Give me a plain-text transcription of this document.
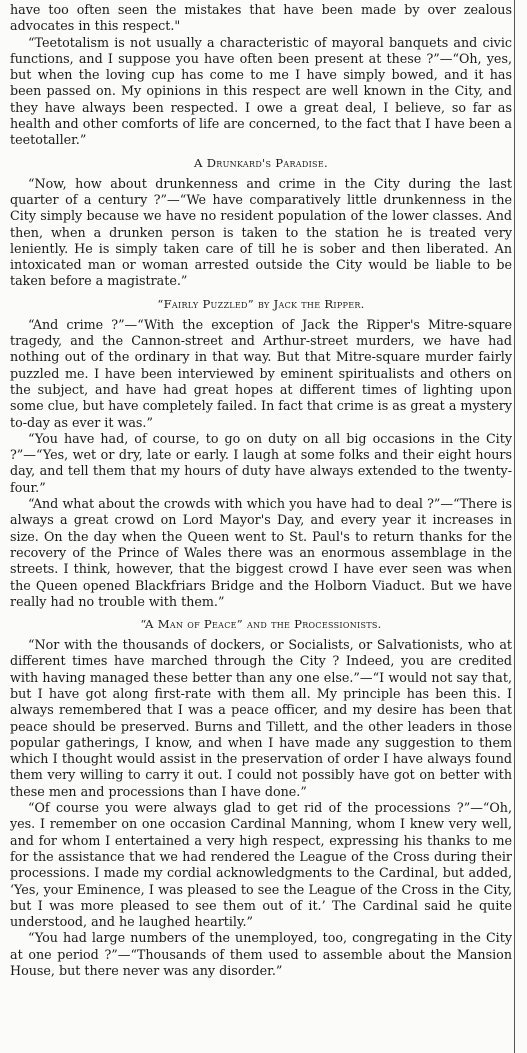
have too often seen the mistakes that have been made by over zealous advocates in this respect."

“Teetotalism is not usually a characteristic of mayoral banquets and civic functions, and I suppose you have often been present at these ?”—“Oh, yes, but when the loving cup has come to me I have simply bowed, and it has been passed on. My opinions in this respect are well known in the City, and they have always been respected. I owe a great deal, I believe, so far as health and other comforts of life are concerned, to the fact that I have been a teetotaller.”

A Drunkard's Paradise.

“Now, how about drunkenness and crime in the City during the last quarter of a century ?”—“We have comparatively little drunkenness in the City simply because we have no resident population of the lower classes. And then, when a drunken person is taken to the station he is treated very leniently. He is simply taken care of till he is sober and then liberated. An intoxicated man or woman arrested outside the City would be liable to be taken before a magistrate.”

“Fairly Puzzled” by Jack the Ripper.

“And crime ?”—“With the exception of Jack the Ripper's Mitre-square tragedy, and the Cannon-street and Arthur-street murders, we have had nothing out of the ordinary in that way. But that Mitre-square murder fairly puzzled me. I have been interviewed by eminent spiritualists and others on the subject, and have had great hopes at different times of lighting upon some clue, but have completely failed. In fact that crime is as great a mystery to-day as ever it was.”

“You have had, of course, to go on duty on all big occasions in the City ?”—“Yes, wet or dry, late or early. I laugh at some folks and their eight hours day, and tell them that my hours of duty have always extended to the twenty-four.”

“And what about the crowds with which you have had to deal ?”—“There is always a great crowd on Lord Mayor's Day, and every year it increases in size. On the day when the Queen went to St. Paul's to return thanks for the recovery of the Prince of Wales there was an enormous assemblage in the streets. I think, however, that the biggest crowd I have ever seen was when the Queen opened Blackfriars Bridge and the Holborn Viaduct. But we have really had no trouble with them.”

“A Man of Peace” and the Processionists.

“Nor with the thousands of dockers, or Socialists, or Salvationists, who at different times have marched through the City ? Indeed, you are credited with having managed these better than any one else.”—“I would not say that, but I have got along first-rate with them all. My principle has been this. I always remembered that I was a peace officer, and my desire has been that peace should be preserved. Burns and Tillett, and the other leaders in those popular gatherings, I know, and when I have made any suggestion to them which I thought would assist in the preservation of order I have always found them very willing to carry it out. I could not possibly have got on better with these men and processions than I have done.”

“Of course you were always glad to get rid of the processions ?”—“Oh, yes. I remember on one occasion Cardinal Manning, whom I knew very well, and for whom I entertained a very high respect, expressing his thanks to me for the assistance that we had rendered the League of the Cross during their processions. I made my cordial acknowledgments to the Cardinal, but added, ‘Yes, your Eminence, I was pleased to see the League of the Cross in the City, but I was more pleased to see them out of it.’ The Cardinal said he quite understood, and he laughed heartily.”

“You had large numbers of the unemployed, too, congregating in the City at one period ?”—“Thousands of them used to assemble about the Mansion House, but there never was any disorder.”
